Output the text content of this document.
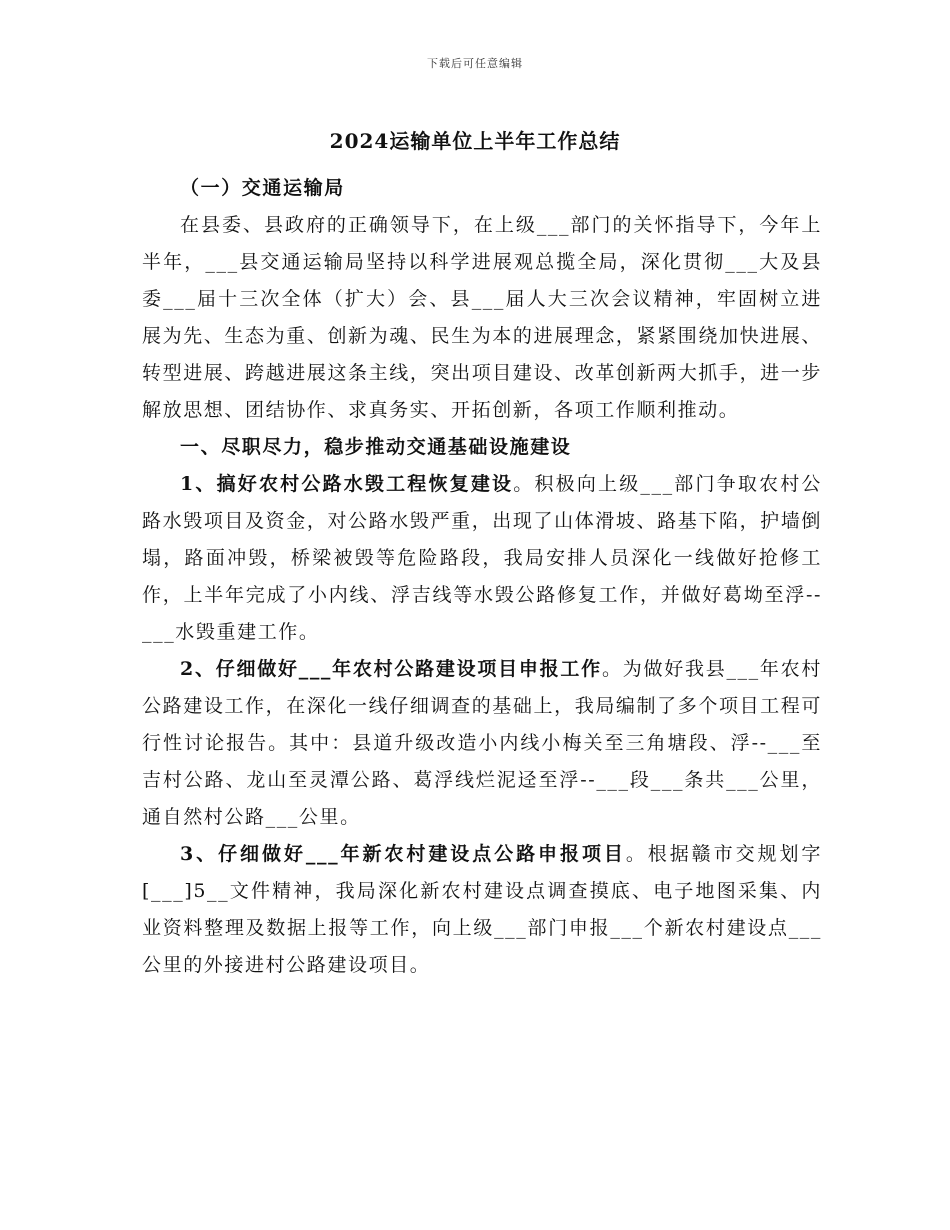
下载后可任意编辑
2024运输单位上半年工作总结

（一）交通运输局

在县委、县政府的正确领导下，在上级___部门的关怀指导下，今年上半年，___县交通运输局坚持以科学进展观总揽全局，深化贯彻___大及县委___届十三次全体（扩大）会、县___届人大三次会议精神，牢固树立进展为先、生态为重、创新为魂、民生为本的进展理念，紧紧围绕加快进展、转型进展、跨越进展这条主线，突出项目建设、改革创新两大抓手，进一步解放思想、团结协作、求真务实、开拓创新，各项工作顺利推动。

一、尽职尽力，稳步推动交通基础设施建设

1、搞好农村公路水毁工程恢复建设。积极向上级___部门争取农村公路水毁项目及资金，对公路水毁严重，出现了山体滑坡、路基下陷，护墙倒塌，路面冲毁，桥梁被毁等危险路段，我局安排人员深化一线做好抢修工作，上半年完成了小内线、浮吉线等水毁公路修复工作，并做好葛坳至浮--___水毁重建工作。

2、仔细做好___年农村公路建设项目申报工作。为做好我县___年农村公路建设工作，在深化一线仔细调查的基础上，我局编制了多个项目工程可行性讨论报告。其中：县道升级改造小内线小梅关至三角塘段、浮--___至吉村公路、龙山至灵潭公路、葛浮线烂泥迳至浮--___段___条共___公里，通自然村公路___公里。

3、仔细做好___年新农村建设点公路申报项目。根据赣市交规划字[___]5__文件精神，我局深化新农村建设点调查摸底、电子地图采集、内业资料整理及数据上报等工作，向上级___部门申报___个新农村建设点___公里的外接进村公路建设项目。
